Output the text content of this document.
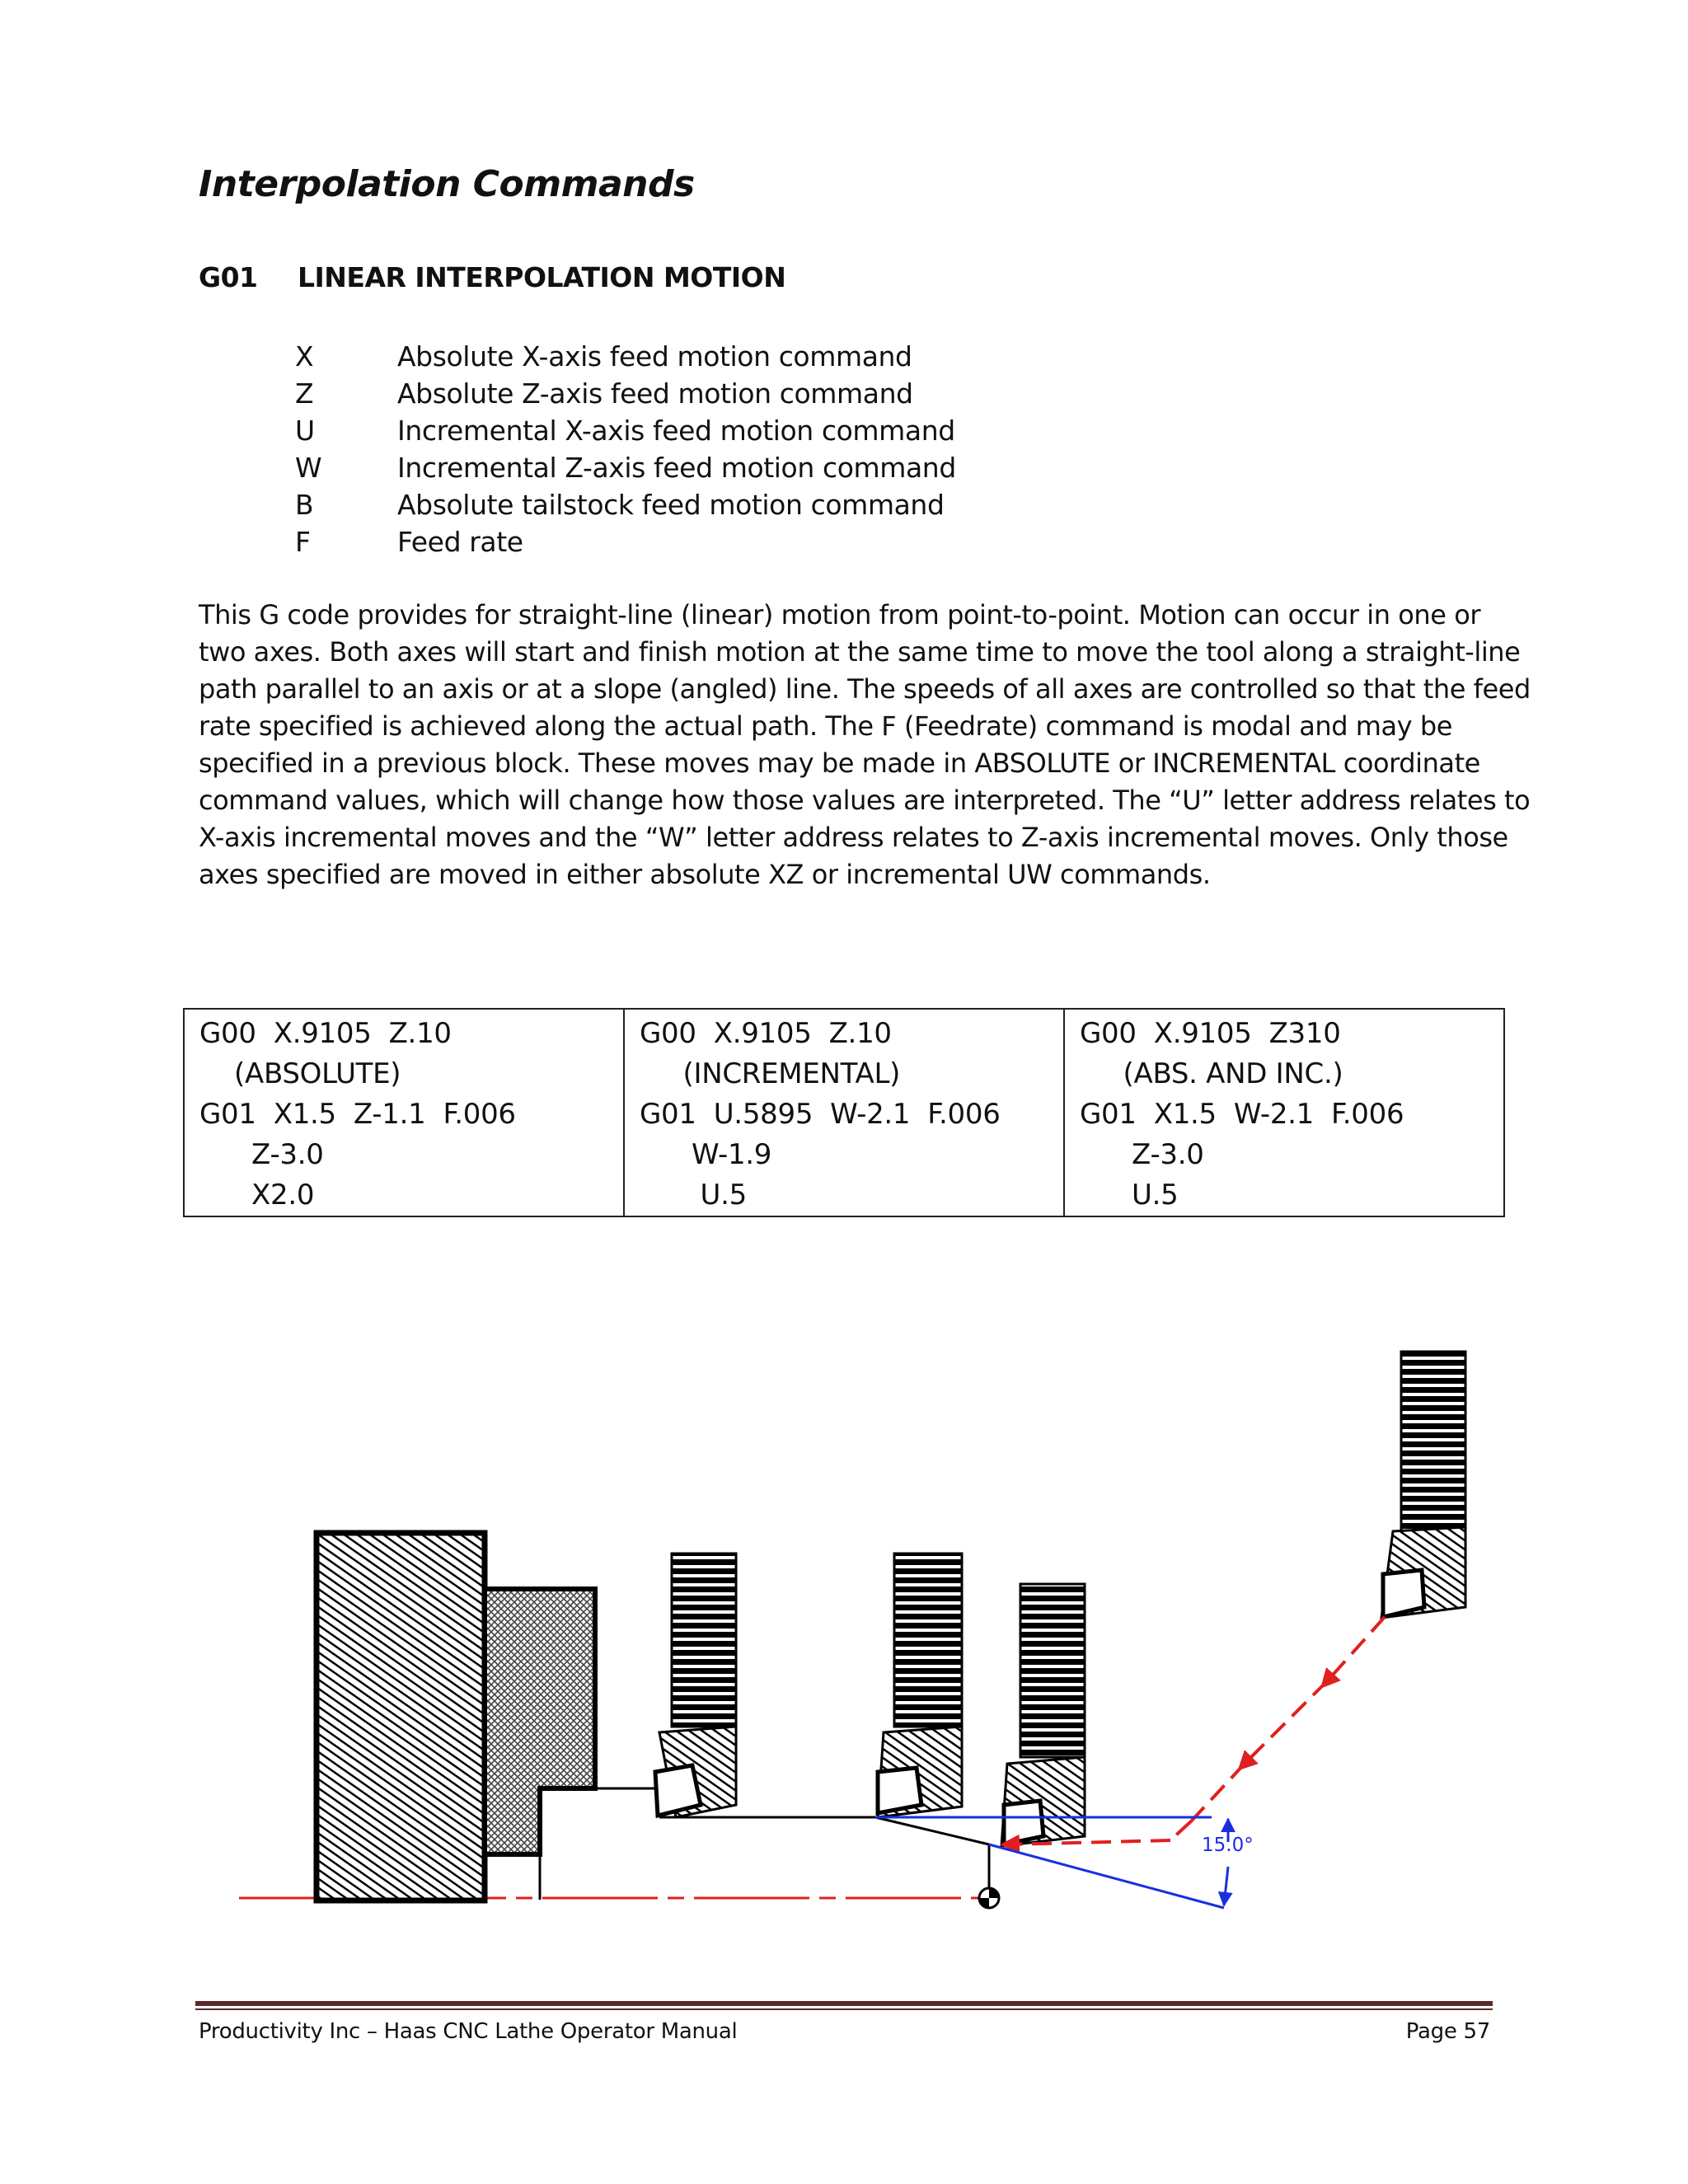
Interpolation Commands
G01 LINEAR INTERPOLATION MOTION
X	Absolute X-axis feed motion command
Z	Absolute Z-axis feed motion command
U	Incremental X-axis feed motion command
W	Incremental Z-axis feed motion command
B	Absolute tailstock feed motion command
F	Feed rate
This G code provides for straight-line (linear) motion from point-to-point. Motion can occur in one or
two axes. Both axes will start and finish motion at the same time to move the tool along a straight-line
path parallel to an axis or at a slope (angled) line. The speeds of all axes are controlled so that the feed
rate specified is achieved along the actual path. The F (Feedrate) command is modal and may be
specified in a previous block. These moves may be made in ABSOLUTE or INCREMENTAL coordinate
command values, which will change how those values are interpreted. The “U” letter address relates to
X-axis incremental moves and the “W” letter address relates to Z-axis incremental moves. Only those
axes specified are moved in either absolute XZ or incremental UW commands.
G00  X.9105  Z.10
(ABSOLUTE)
G01  X1.5  Z-1.1  F.006
Z-3.0
X2.0

G00  X.9105  Z.10
(INCREMENTAL)
G01  U.5895  W-2.1  F.006
W-1.9
U.5

G00  X.9105  Z310
(ABS. AND INC.)
G01  X1.5  W-2.1  F.006
Z-3.0
U.5
15.0°
Productivity Inc – Haas CNC Lathe Operator Manual	Page 57
